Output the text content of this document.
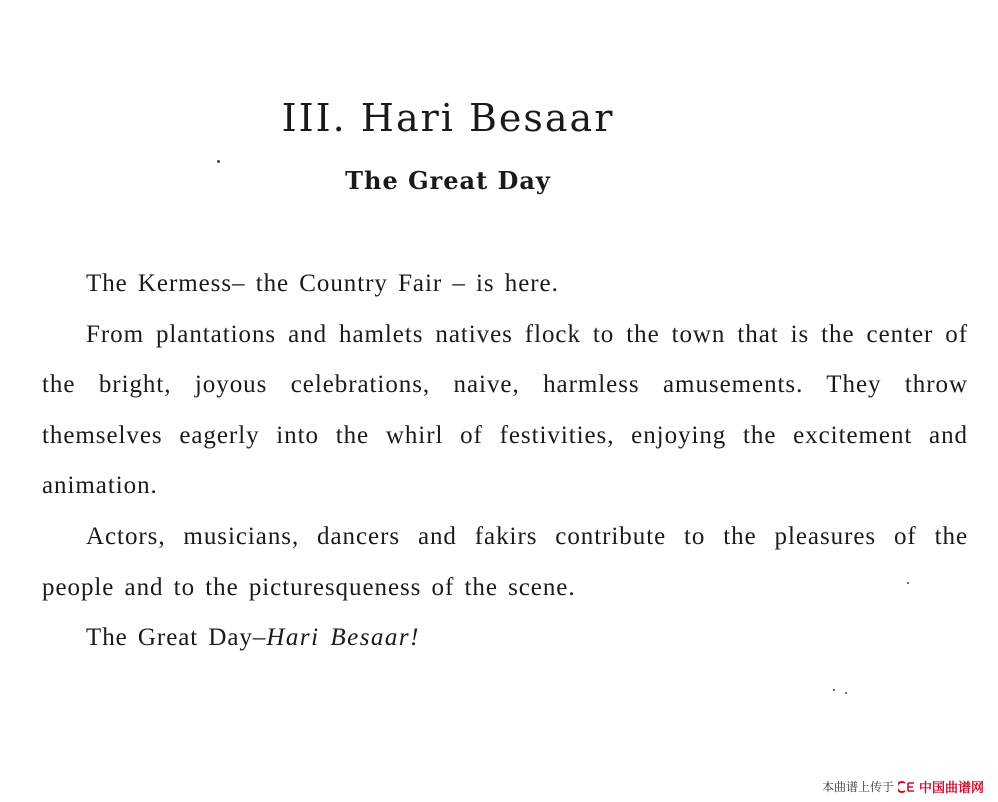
III. Hari Besaar
The Great Day

The Kermess– the Country Fair – is here.

From plantations and hamlets natives flock to the town that is the center of the bright, joyous celebrations, naive, harmless amusements. They throw themselves eagerly into the whirl of festivities, enjoying the excitement and animation.

Actors, musicians, dancers and fakirs contribute to the pleasures of the people and to the picturesqueness of the scene.

The Great Day–Hari Besaar!

本曲谱上传于 中国曲谱网
